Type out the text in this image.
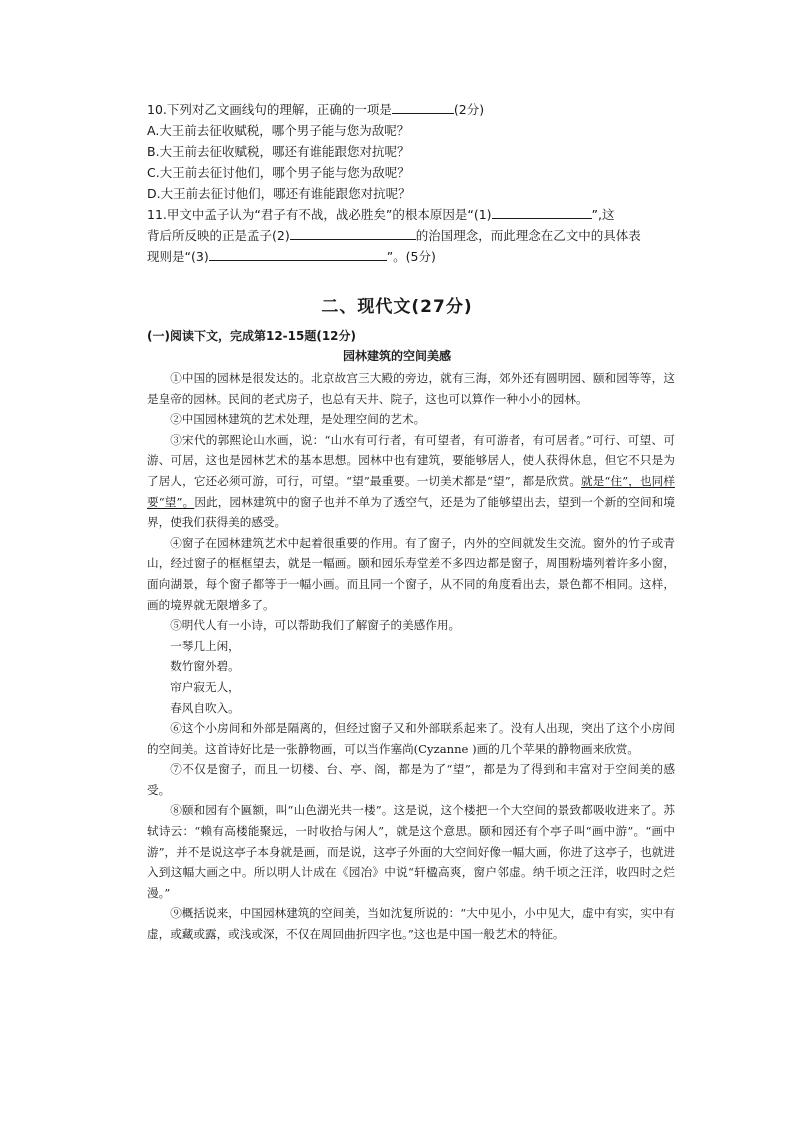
10.下列对乙文画线句的理解，正确的一项是	(2分)
A.大王前去征收赋税，哪个男子能与您为敌呢？
B.大王前去征收赋税，哪还有谁能跟您对抗呢？
C.大王前去征讨他们，哪个男子能与您为敌呢？
D.大王前去征讨他们，哪还有谁能跟您对抗呢？
11.甲文中孟子认为“君子有不战，战必胜矣”的根本原因是“(1)	”,这
背后所反映的正是孟子(2)	的治国理念，而此理念在乙文中的具体表
现则是“(3)	”。(5分)
二、现代文(27分)
(一)阅读下文，完成第12-15题(12分)
园林建筑的空间美感

①中国的园林是很发达的。北京故宫三大殿的旁边，就有三海，郊外还有圆明园、颐和园等等，这是皇帝的园林。民间的老式房子，也总有天井、院子，这也可以算作一种小小的园林。

②中国园林建筑的艺术处理，是处理空间的艺术。

③宋代的郭熙论山水画，说：“山水有可行者，有可望者，有可游者，有可居者。”可行、可望、可游、可居，这也是园林艺术的基本思想。园林中也有建筑，要能够居人，使人获得休息，但它不只是为了居人，它还必须可游，可行，可望。“望”最重要。一切美术都是“望”，都是欣赏。就是“住”，也同样要“望”。因此，园林建筑中的窗子也并不单为了透空气，还是为了能够望出去，望到一个新的空间和境界，使我们获得美的感受。

④窗子在园林建筑艺术中起着很重要的作用。有了窗子，内外的空间就发生交流。窗外的竹子或青山，经过窗子的框框望去，就是一幅画。颐和园乐寿堂差不多四边都是窗子，周围粉墙列着许多小窗，面向湖景，每个窗子都等于一幅小画。而且同一个窗子，从不同的角度看出去，景色都不相同。这样，画的境界就无限增多了。

⑤明代人有一小诗，可以帮助我们了解窗子的美感作用。

一琴几上闲，

数竹窗外碧。

帘户寂无人，

春风自吹入。

⑥这个小房间和外部是隔离的，但经过窗子又和外部联系起来了。没有人出现，突出了这个小房间的空间美。这首诗好比是一张静物画，可以当作塞尚(Cyzanne )画的几个苹果的静物画来欣赏。

⑦不仅是窗子，而且一切楼、台、亭、阁，都是为了“望”，都是为了得到和丰富对于空间美的感受。

⑧颐和园有个匾额，叫“山色湖光共一楼”。这是说，这个楼把一个大空间的景致都吸收进来了。苏轼诗云：“赖有高楼能聚远，一时收拾与闲人”，就是这个意思。颐和园还有个亭子叫“画中游”。“画中游”，并不是说这亭子本身就是画，而是说，这亭子外面的大空间好像一幅大画，你进了这亭子，也就进入到这幅大画之中。所以明人计成在《园冶》中说“轩楹高爽，窗户邻虚。纳千顷之汪洋，收四时之烂漫。”

⑨概括说来，中国园林建筑的空间美，当如沈复所说的：“大中见小，小中见大，虚中有实，实中有虚，或藏或露，或浅或深，不仅在周回曲折四字也。”这也是中国一般艺术的特征。
